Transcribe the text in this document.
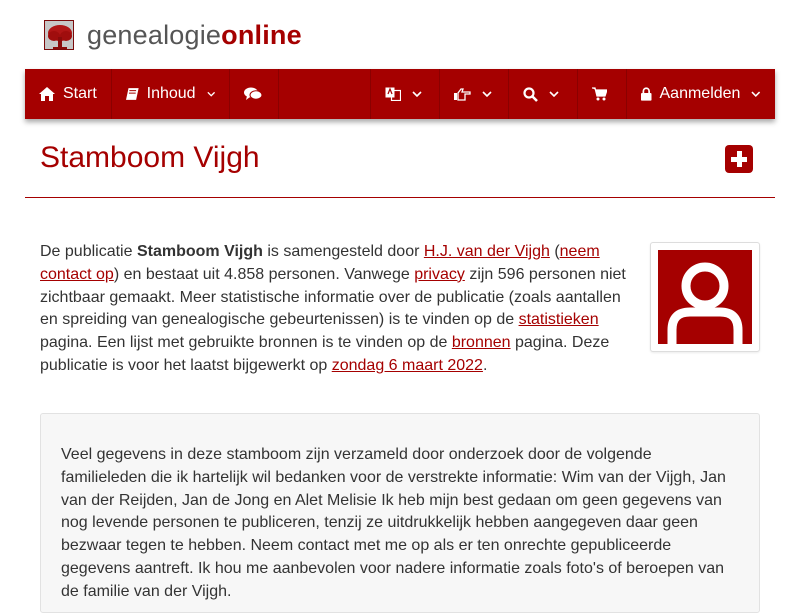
genealogieonline
Start	Inhoud	Aanmelden
Stamboom Vijgh

De publicatie Stamboom Vijgh is samengesteld door H.J. van der Vijgh (neem contact op) en bestaat uit 4.858 personen. Vanwege privacy zijn 596 personen niet zichtbaar gemaakt. Meer statistische informatie over de publicatie (zoals aantallen en spreiding van genealogische gebeurtenissen) is te vinden op de statistieken pagina. Een lijst met gebruikte bronnen is te vinden op de bronnen pagina. Deze publicatie is voor het laatst bijgewerkt op zondag 6 maart 2022.

Veel gegevens in deze stamboom zijn verzameld door onderzoek door de volgende familieleden die ik hartelijk wil bedanken voor de verstrekte informatie: Wim van der Vijgh, Jan van der Reijden, Jan de Jong en Alet Melisie Ik heb mijn best gedaan om geen gegevens van nog levende personen te publiceren, tenzij ze uitdrukkelijk hebben aangegeven daar geen bezwaar tegen te hebben. Neem contact met me op als er ten onrechte gepubliceerde gegevens aantreft. Ik hou me aanbevolen voor nadere informatie zoals foto's of beroepen van de familie van der Vijgh.
